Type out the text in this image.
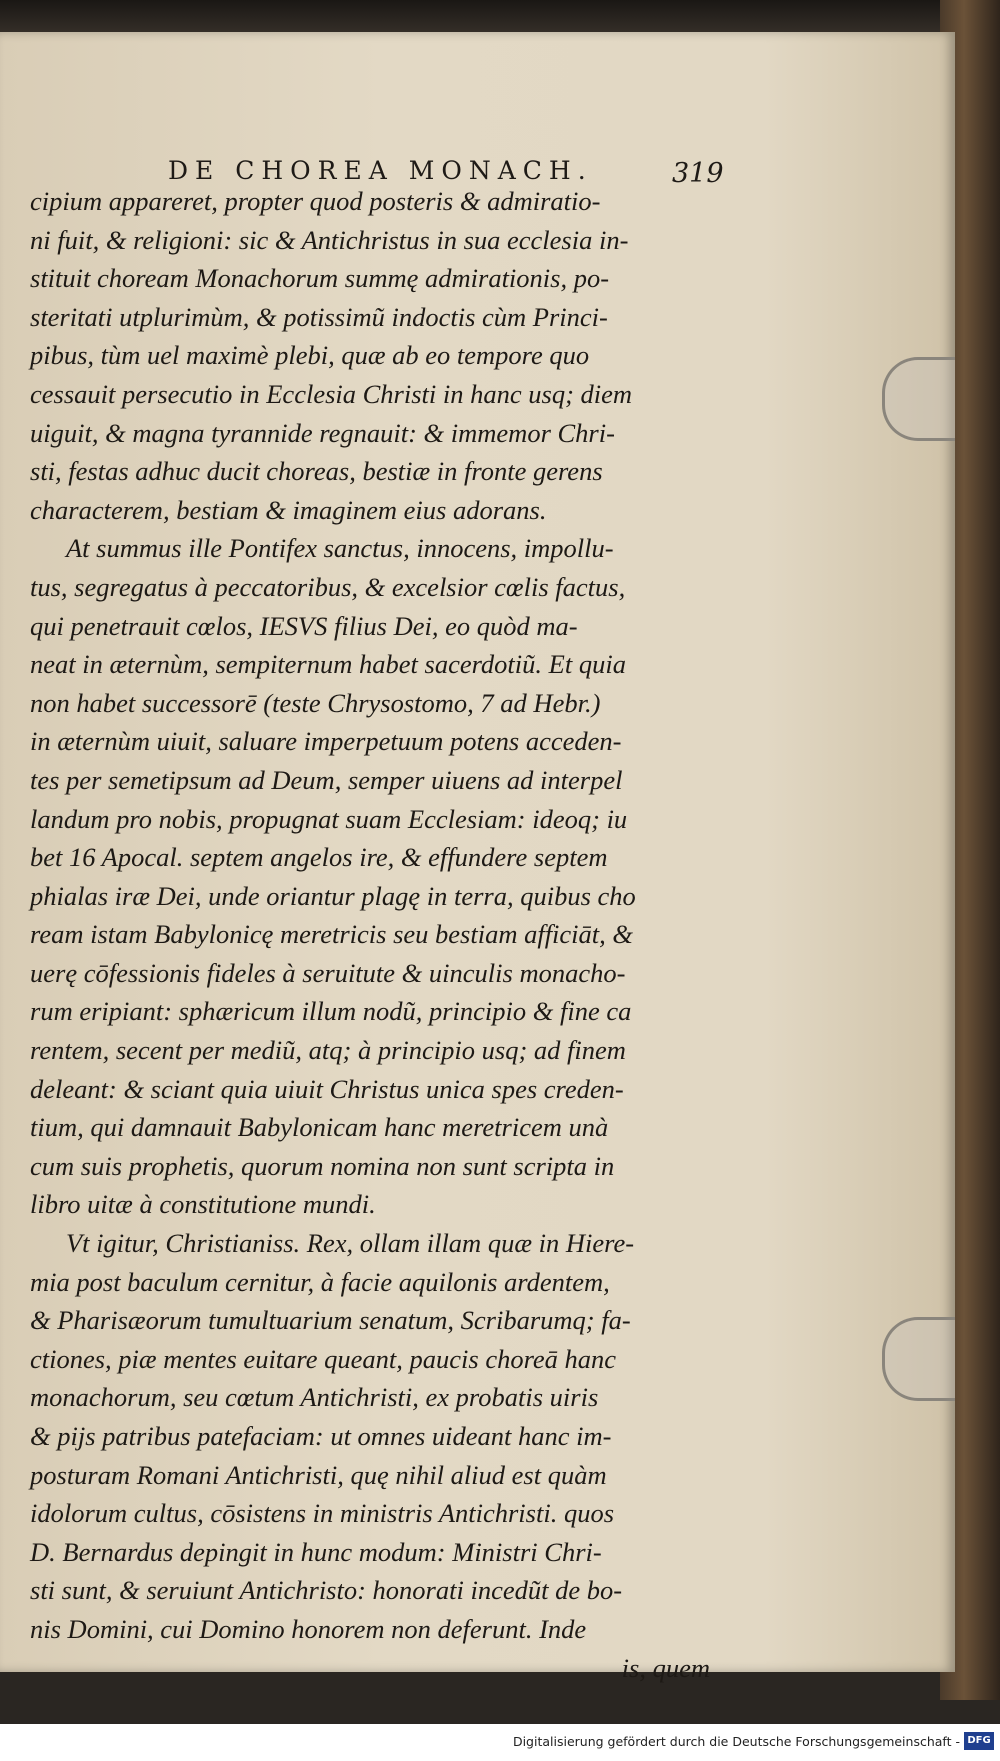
DE CHOREA MONACH.	319
cipium appareret, propter quod posteris & admiratio-
ni fuit, & religioni: sic & Antichristus in sua ecclesia in-
stituit choream Monachorum summę admirationis, po-
steritati utplurimùm, & potissimũ indoctis cùm Princi-
pibus, tùm uel maximè plebi, quæ ab eo tempore quo
cessauit persecutio in Ecclesia Christi in hanc usq; diem
uiguit, & magna tyrannide regnauit: & immemor Chri-
sti, festas adhuc ducit choreas, bestiæ in fronte gerens
characterem, bestiam & imaginem eius adorans.
At summus ille Pontifex sanctus, innocens, impollu-
tus, segregatus à peccatoribus, & excelsior cœlis factus,
qui penetrauit cœlos, IESVS filius Dei, eo quòd ma-
neat in æternùm, sempiternum habet sacerdotiũ. Et quia
non habet successorē (teste Chrysostomo, 7 ad Hebr.)
in æternùm uiuit, saluare imperpetuum potens acceden-
tes per semetipsum ad Deum, semper uiuens ad interpel
landum pro nobis, propugnat suam Ecclesiam: ideoq; iu
bet 16 Apocal. septem angelos ire, & effundere septem
phialas iræ Dei, unde oriantur plagę in terra, quibus cho
ream istam Babylonicę meretricis seu bestiam afficiāt, &
uerę cōfessionis fideles à seruitute & uinculis monacho-
rum eripiant: sphæricum illum nodũ, principio & fine ca
rentem, secent per mediũ, atq; à principio usq; ad finem
deleant: & sciant quia uiuit Christus unica spes creden-
tium, qui damnauit Babylonicam hanc meretricem unà
cum suis prophetis, quorum nomina non sunt scripta in
libro uitæ à constitutione mundi.
Vt igitur, Christianiss. Rex, ollam illam quæ in Hiere-
mia post baculum cernitur, à facie aquilonis ardentem,
& Pharisæorum tumultuarium senatum, Scribarumq; fa-
ctiones, piæ mentes euitare queant, paucis choreā hanc
monachorum, seu cœtum Antichristi, ex probatis uiris
& pijs patribus patefaciam: ut omnes uideant hanc im-
posturam Romani Antichristi, quę nihil aliud est quàm
idolorum cultus, cōsistens in ministris Antichristi. quos
D. Bernardus depingit in hunc modum: Ministri Chri-
sti sunt, & seruiunt Antichristo: honorati incedũt de bo-
nis Domini, cui Domino honorem non deferunt. Inde
is, quem
Digitalisierung gefördert durch die Deutsche Forschungsgemeinschaft - DFG
